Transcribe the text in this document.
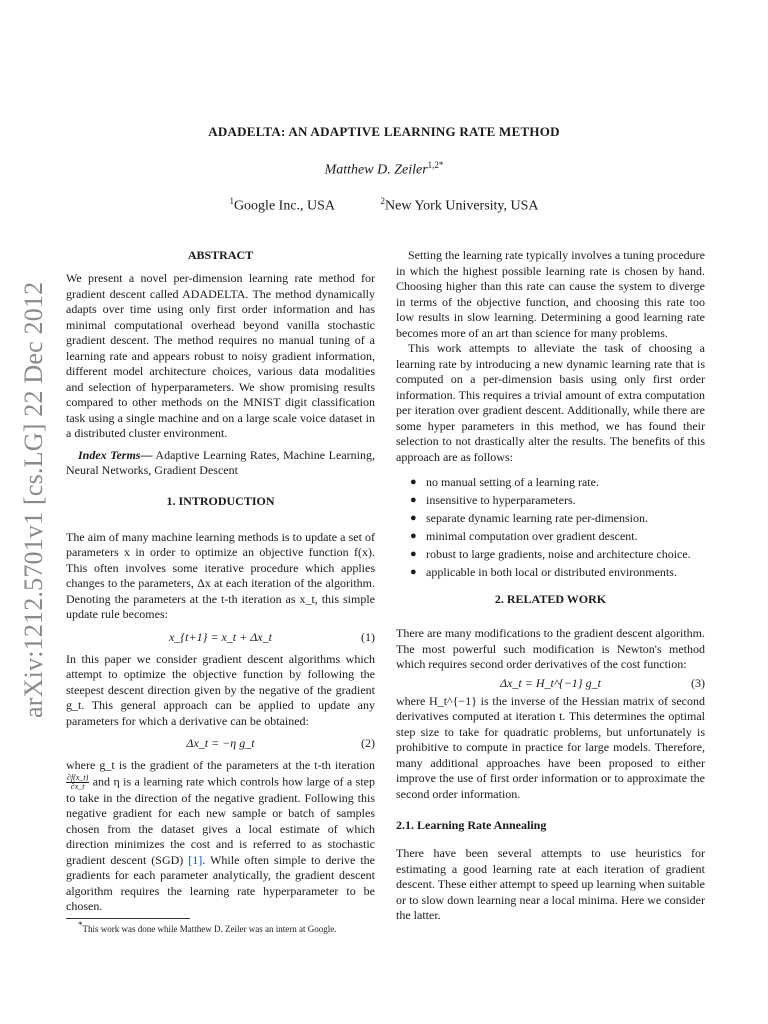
arXiv:1212.5701v1 [cs.LG] 22 Dec 2012
ADADELTA: AN ADAPTIVE LEARNING RATE METHOD
Matthew D. Zeiler$^{1,2*}$
$^1$Google Inc., USA	$^2$New York University, USA
ABSTRACT

We present a novel per-dimension learning rate method for gradient descent called ADADELTA. The method dynamically adapts over time using only first order information and has minimal computational overhead beyond vanilla stochastic gradient descent. The method requires no manual tuning of a learning rate and appears robust to noisy gradient information, different model architecture choices, various data modalities and selection of hyperparameters. We show promising results compared to other methods on the MNIST digit classification task using a single machine and on a large scale voice dataset in a distributed cluster environment.

Index Terms— Adaptive Learning Rates, Machine Learning, Neural Networks, Gradient Descent

1. INTRODUCTION

The aim of many machine learning methods is to update a set of parameters x in order to optimize an objective function f(x). This often involves some iterative procedure which applies changes to the parameters, Δx at each iteration of the algorithm. Denoting the parameters at the t-th iteration as x_t, this simple update rule becomes:

x_{t+1} = x_t + Δx_t	(1)

In this paper we consider gradient descent algorithms which attempt to optimize the objective function by following the steepest descent direction given by the negative of the gradient g_t. This general approach can be applied to update any parameters for which a derivative can be obtained:

Δx_t = −η g_t	(2)

where g_t is the gradient of the parameters at the t-th iteration
$\frac{\partial f(x\_t)}{\partial x\_t}$ and η is a learning rate which controls how large of a step to take in the direction of the negative gradient. Following this negative gradient for each new sample or batch of samples chosen from the dataset gives a local estimate of which direction minimizes the cost and is referred to as stochastic gradient descent (SGD) [1]. While often simple to derive the gradients for each parameter analytically, the gradient descent algorithm requires the learning rate hyperparameter to be chosen.

*This work was done while Matthew D. Zeiler was an intern at Google.

Setting the learning rate typically involves a tuning procedure in which the highest possible learning rate is chosen by hand. Choosing higher than this rate can cause the system to diverge in terms of the objective function, and choosing this rate too low results in slow learning. Determining a good learning rate becomes more of an art than science for many problems.

This work attempts to alleviate the task of choosing a learning rate by introducing a new dynamic learning rate that is computed on a per-dimension basis using only first order information. This requires a trivial amount of extra computation per iteration over gradient descent. Additionally, while there are some hyper parameters in this method, we has found their selection to not drastically alter the results. The benefits of this approach are as follows:

● no manual setting of a learning rate.
● insensitive to hyperparameters.
● separate dynamic learning rate per-dimension.
● minimal computation over gradient descent.
● robust to large gradients, noise and architecture choice.
● applicable in both local or distributed environments.
2. RELATED WORK

There are many modifications to the gradient descent algorithm. The most powerful such modification is Newton's method which requires second order derivatives of the cost function:

Δx_t = H_t^{−1} g_t	(3)

where H_t^{−1} is the inverse of the Hessian matrix of second derivatives computed at iteration t. This determines the optimal step size to take for quadratic problems, but unfortunately is prohibitive to compute in practice for large models. Therefore, many additional approaches have been proposed to either improve the use of first order information or to approximate the second order information.

2.1. Learning Rate Annealing

There have been several attempts to use heuristics for estimating a good learning rate at each iteration of gradient descent. These either attempt to speed up learning when suitable or to slow down learning near a local minima. Here we consider the latter.
